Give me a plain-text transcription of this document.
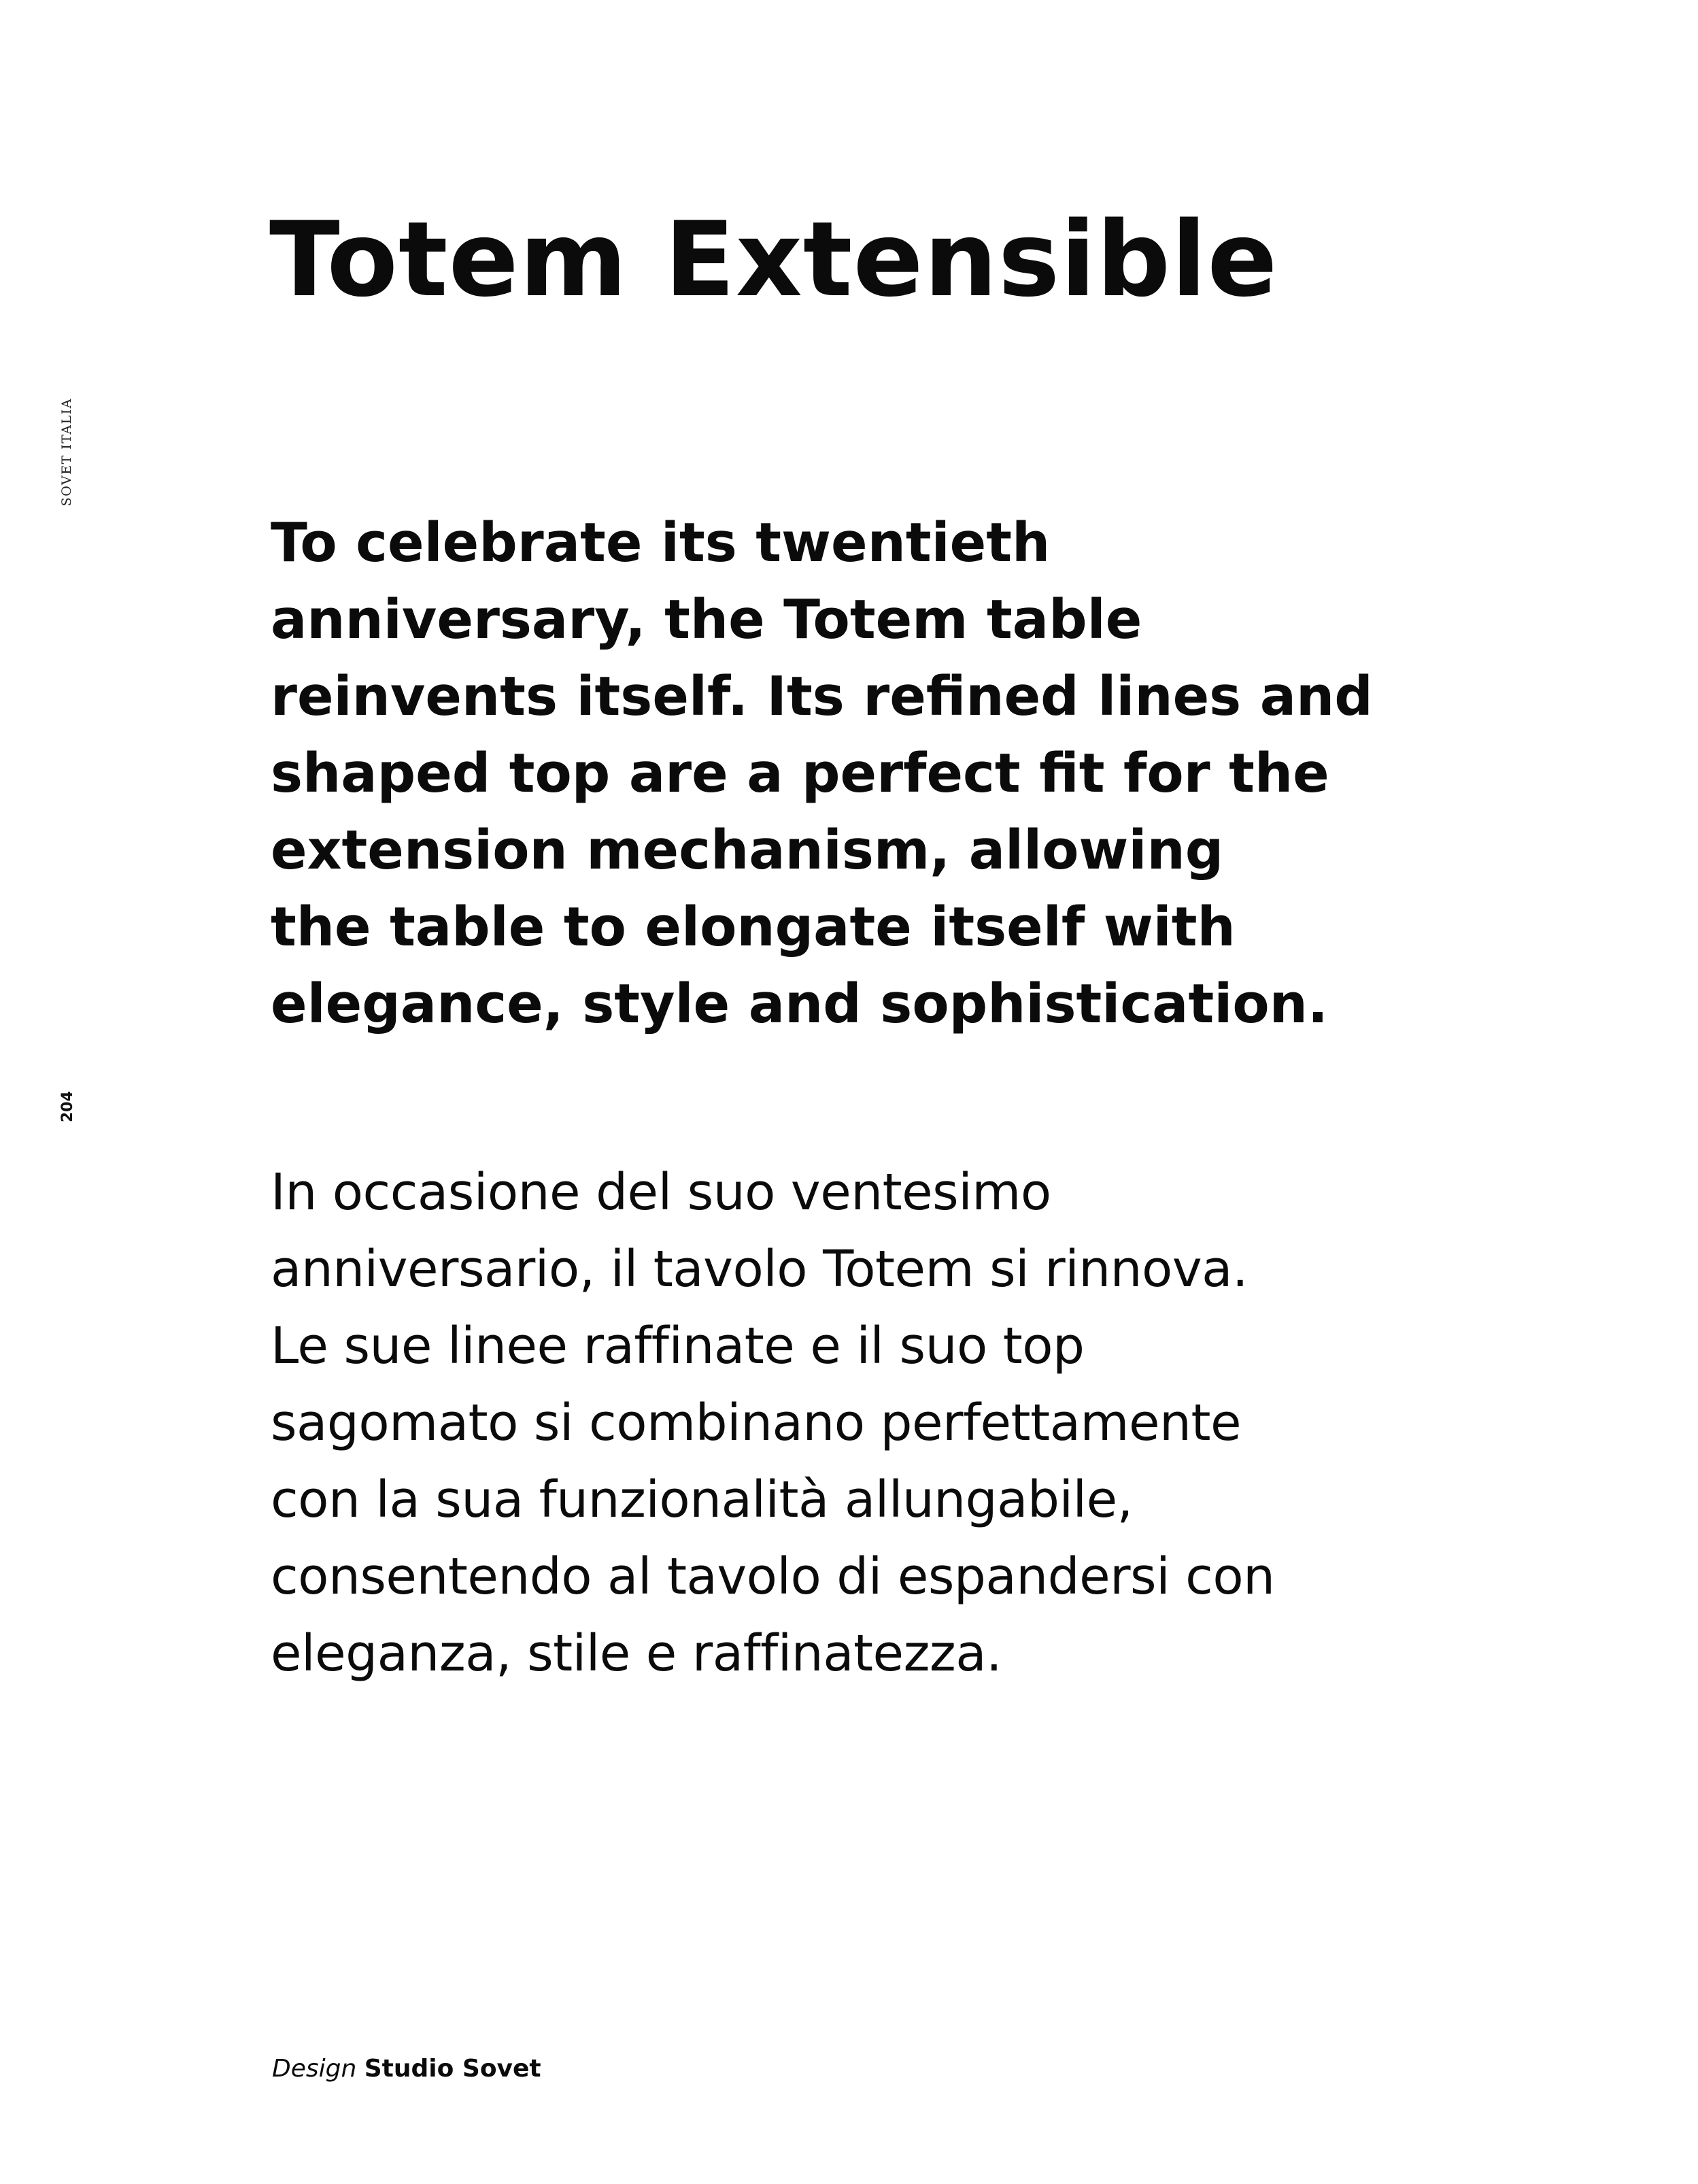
SOVET ITALIA
204
Totem Extensible

To celebrate its twentieth
anniversary, the Totem table
reinvents itself. Its refined lines and
shaped top are a perfect fit for the
extension mechanism, allowing
the table to elongate itself with
elegance, style and sophistication.

In occasione del suo ventesimo
anniversario, il tavolo Totem si rinnova.
Le sue linee raffinate e il suo top
sagomato si combinano perfettamente
con la sua funzionalità allungabile,
consentendo al tavolo di espandersi con
eleganza, stile e raffinatezza.

Design Studio Sovet
